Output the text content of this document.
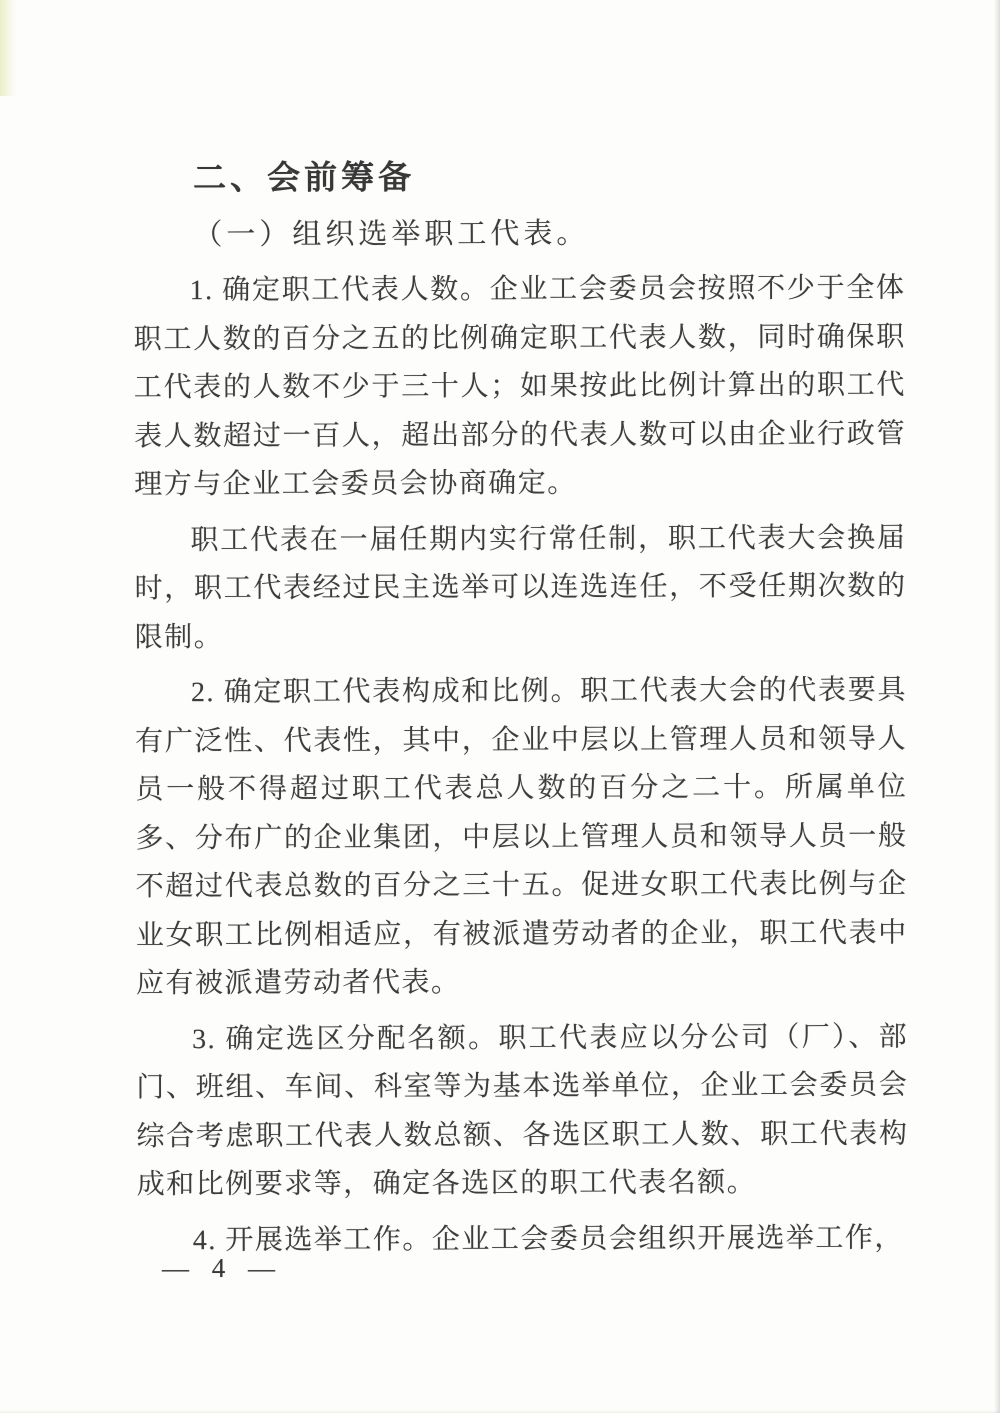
二、会前筹备
（一）组织选举职工代表。

1. 确定职工代表人数。企业工会委员会按照不少于全体职工人数的百分之五的比例确定职工代表人数，同时确保职工代表的人数不少于三十人；如果按此比例计算出的职工代表人数超过一百人，超出部分的代表人数可以由企业行政管理方与企业工会委员会协商确定。

职工代表在一届任期内实行常任制，职工代表大会换届时，职工代表经过民主选举可以连选连任，不受任期次数的限制。

2. 确定职工代表构成和比例。职工代表大会的代表要具有广泛性、代表性，其中，企业中层以上管理人员和领导人员一般不得超过职工代表总人数的百分之二十。所属单位多、分布广的企业集团，中层以上管理人员和领导人员一般不超过代表总数的百分之三十五。促进女职工代表比例与企业女职工比例相适应，有被派遣劳动者的企业，职工代表中应有被派遣劳动者代表。

3. 确定选区分配名额。职工代表应以分公司（厂）、部门、班组、车间、科室等为基本选举单位，企业工会委员会综合考虑职工代表人数总额、各选区职工人数、职工代表构成和比例要求等，确定各选区的职工代表名额。

4. 开展选举工作。企业工会委员会组织开展选举工作，

— 4 —
